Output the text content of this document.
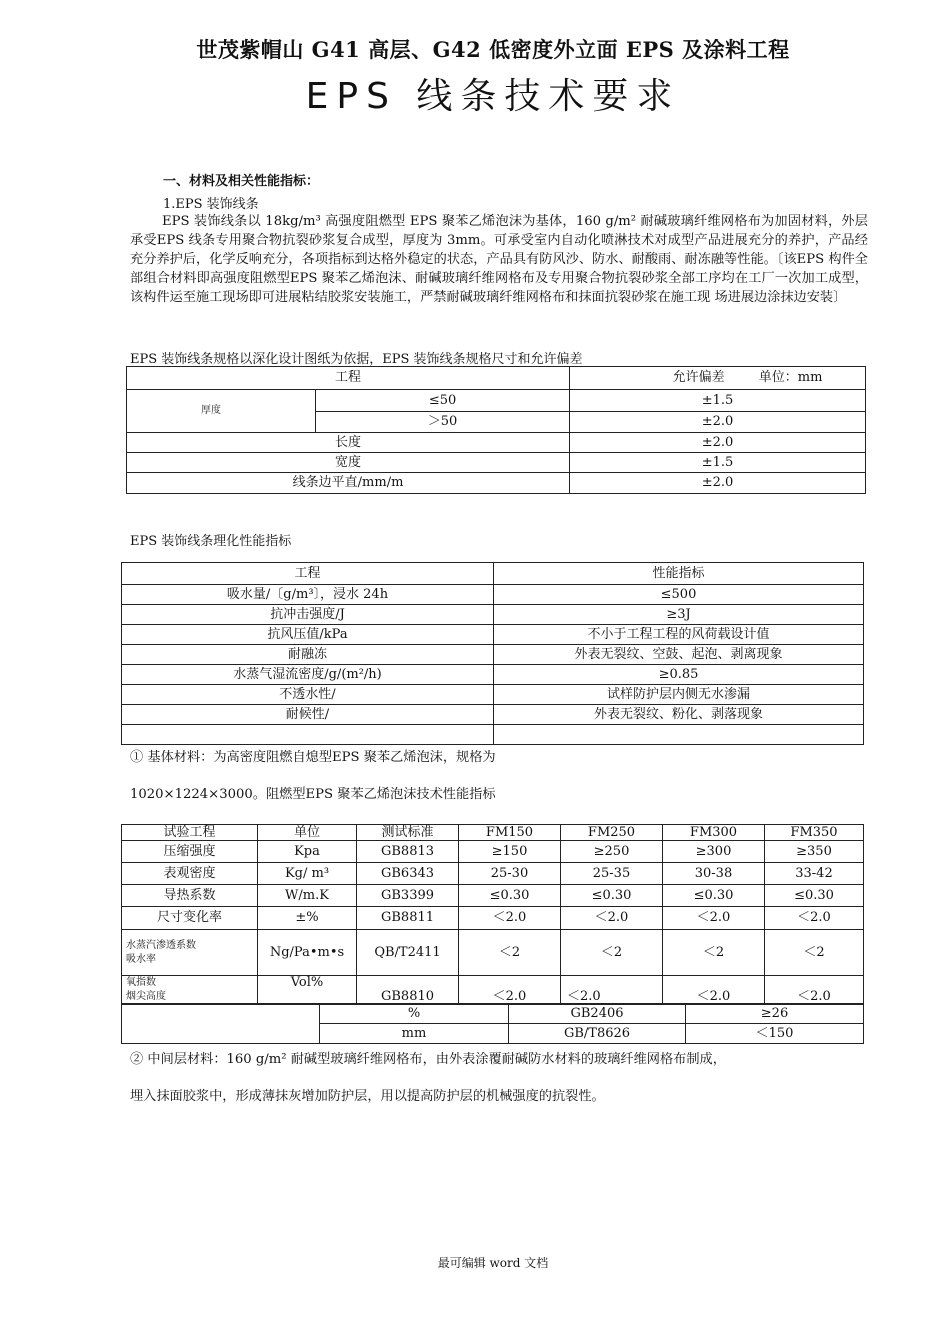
世茂紫帽山 G41 高层、G42 低密度外立面 EPS 及涂料工程
EPS 线条技术要求
一、材料及相关性能指标：
1.EPS 装饰线条
EPS 装饰线条以 18kg/m³ 高强度阻燃型 EPS 聚苯乙烯泡沫为基体，160 g/m² 耐碱玻璃纤维网格布为加固材料，外层承受EPS 线条专用聚合物抗裂砂浆复合成型，厚度为 3mm。可承受室内自动化喷淋技术对成型产品进展充分的养护，产品经充分养护后，化学反响充分，各项指标到达格外稳定的状态，产品具有防风沙、防水、耐酸雨、耐冻融等性能。〔该EPS 构件全部组合材料即高强度阻燃型EPS 聚苯乙烯泡沫、耐碱玻璃纤维网格布及专用聚合物抗裂砂浆全部工序均在工厂一次加工成型， 该构件运至施工现场即可进展粘结胶浆安装施工，严禁耐碱玻璃纤维网格布和抹面抗裂砂浆在施工现 场进展边涂抹边安装〕
EPS 装饰线条规格以深化设计图纸为依据，EPS 装饰线条规格尺寸和允许偏差
工程		允许偏差 单位：mm
厚度	≤50	±1.5
	＞50	±2.0
长度		±2.0
宽度		±1.5
线条边平直/mm/m		±2.0
EPS 装饰线条理化性能指标
工程	性能指标
吸水量/〔g/m³〕，浸水 24h	≤500
抗冲击强度/J	≥3J
抗风压值/kPa	不小于工程工程的风荷载设计值
耐融冻	外表无裂纹、空鼓、起泡、剥离现象
水蒸气湿流密度/g/(m²/h)	≥0.85
不透水性/	试样防护层内侧无水渗漏
耐候性/	外表无裂纹、粉化、剥落现象

① 基体材料：为高密度阻燃自熄型EPS 聚苯乙烯泡沫，规格为
1020×1224×3000。阻燃型EPS 聚苯乙烯泡沫技术性能指标
试验工程	单位	测试标准	FM150	FM250	FM300	FM350
压缩强度	Kpa	GB8813	≥150	≥250	≥300	≥350
表观密度	Kg/ m³	GB6343	25-30	25-35	30-38	33-42
导热系数	W/m.K	GB3399	≤0.30	≤0.30	≤0.30	≤0.30
尺寸变化率	±%	GB8811	＜2.0	＜2.0	＜2.0	＜2.0

水蒸汽渗透系数
吸水率	Ng/Pa•m•s	QB/T2411	＜2	＜2	＜2	＜2

氧指数
烟尖高度	Vol%	GB8810	＜2.0	＜2.0	＜2.0	＜2.0
	%	GB2406	≥26
	mm	GB/T8626	＜150
② 中间层材料：160 g/m² 耐碱型玻璃纤维网格布，由外表涂覆耐碱防水材料的玻璃纤维网格布制成，
埋入抹面胶浆中，形成薄抹灰增加防护层，用以提高防护层的机械强度的抗裂性。
最可编辑 word 文档
